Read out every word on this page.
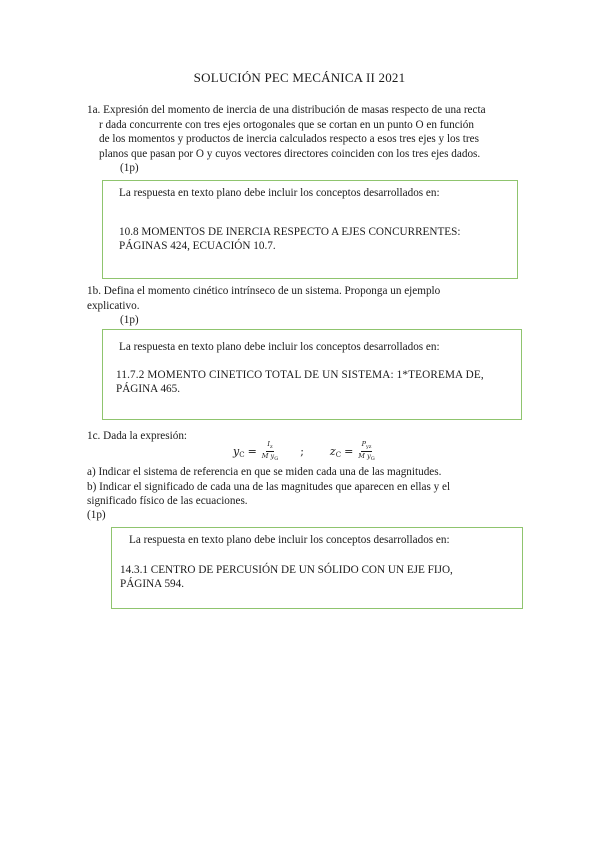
SOLUCIÓN PEC MECÁNICA II 2021
1a. Expresión del momento de inercia de una distribución de masas respecto de una recta
r dada concurrente con tres ejes ortogonales que se cortan en un punto O en función
de los momentos y productos de inercia calculados respecto a esos tres ejes y los tres
planos que pasan por O y cuyos vectores directores coinciden con los tres ejes dados.
(1p)
La respuesta en texto plano debe incluir los conceptos desarrollados en:
10.8 MOMENTOS DE INERCIA RESPECTO A EJES CONCURRENTES:
PÁGINAS 424, ECUACIÓN 10.7.
1b. Defina el momento cinético intrínseco de un sistema. Proponga un ejemplo
explicativo.
(1p)
La respuesta en texto plano debe incluir los conceptos desarrollados en:
11.7.2 MOMENTO CINETICO TOTAL DE UN SISTEMA: 1*TEOREMA DE,
PÁGINA 465.
1c. Dada la expresión:
$y_C = \frac{I_z}{M y_G}$ ; $z_C = \frac{P_{yz}}{M y_G}$
a) Indicar el sistema de referencia en que se miden cada una de las magnitudes.
b) Indicar el significado de cada una de las magnitudes que aparecen en ellas y el
significado físico de las ecuaciones.
(1p)
La respuesta en texto plano debe incluir los conceptos desarrollados en:
14.3.1 CENTRO DE PERCUSIÓN DE UN SÓLIDO CON UN EJE FIJO,
PÁGINA 594.
